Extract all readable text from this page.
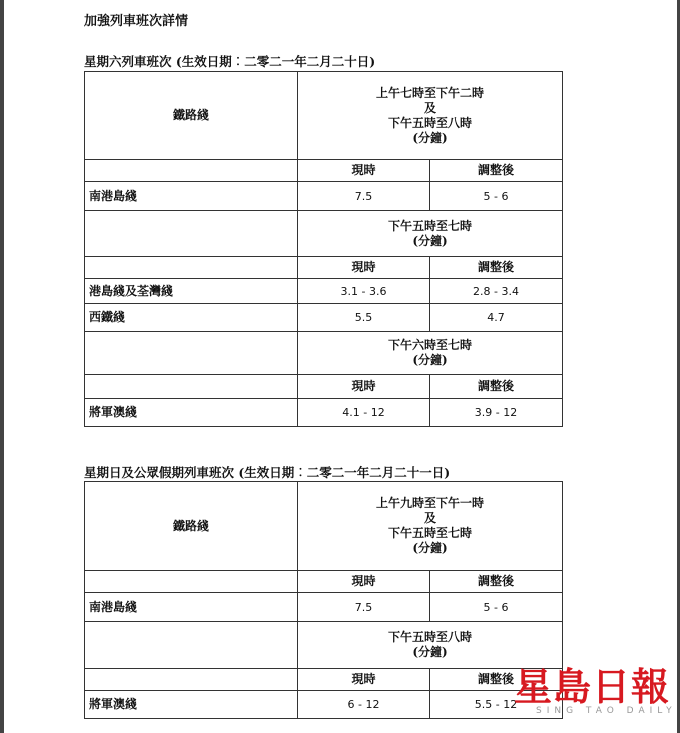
加強列車班次詳情
星期六列車班次 (生效日期︰二零二一年二月二十日)
鐵路綫	上午七時至下午二時
及
下午五時至八時
(分鐘)	

	現時	調整後
南港島綫	7.5	5 - 6

	下午五時至七時
(分鐘)	

	現時	調整後
港島綫及荃灣綫	3.1 - 3.6	2.8 - 3.4
西鐵綫	5.5	4.7

	下午六時至七時
(分鐘)	

	現時	調整後
將軍澳綫	4.1 - 12	3.9 - 12
星期日及公眾假期列車班次 (生效日期︰二零二一年二月二十一日)
鐵路綫	上午九時至下午一時
及
下午五時至七時
(分鐘)	

	現時	調整後
南港島綫	7.5	5 - 6

	下午五時至八時
(分鐘)	

	現時	調整後
將軍澳綫	6 - 12	5.5 - 12
星島日報
SING TAO DAILY
